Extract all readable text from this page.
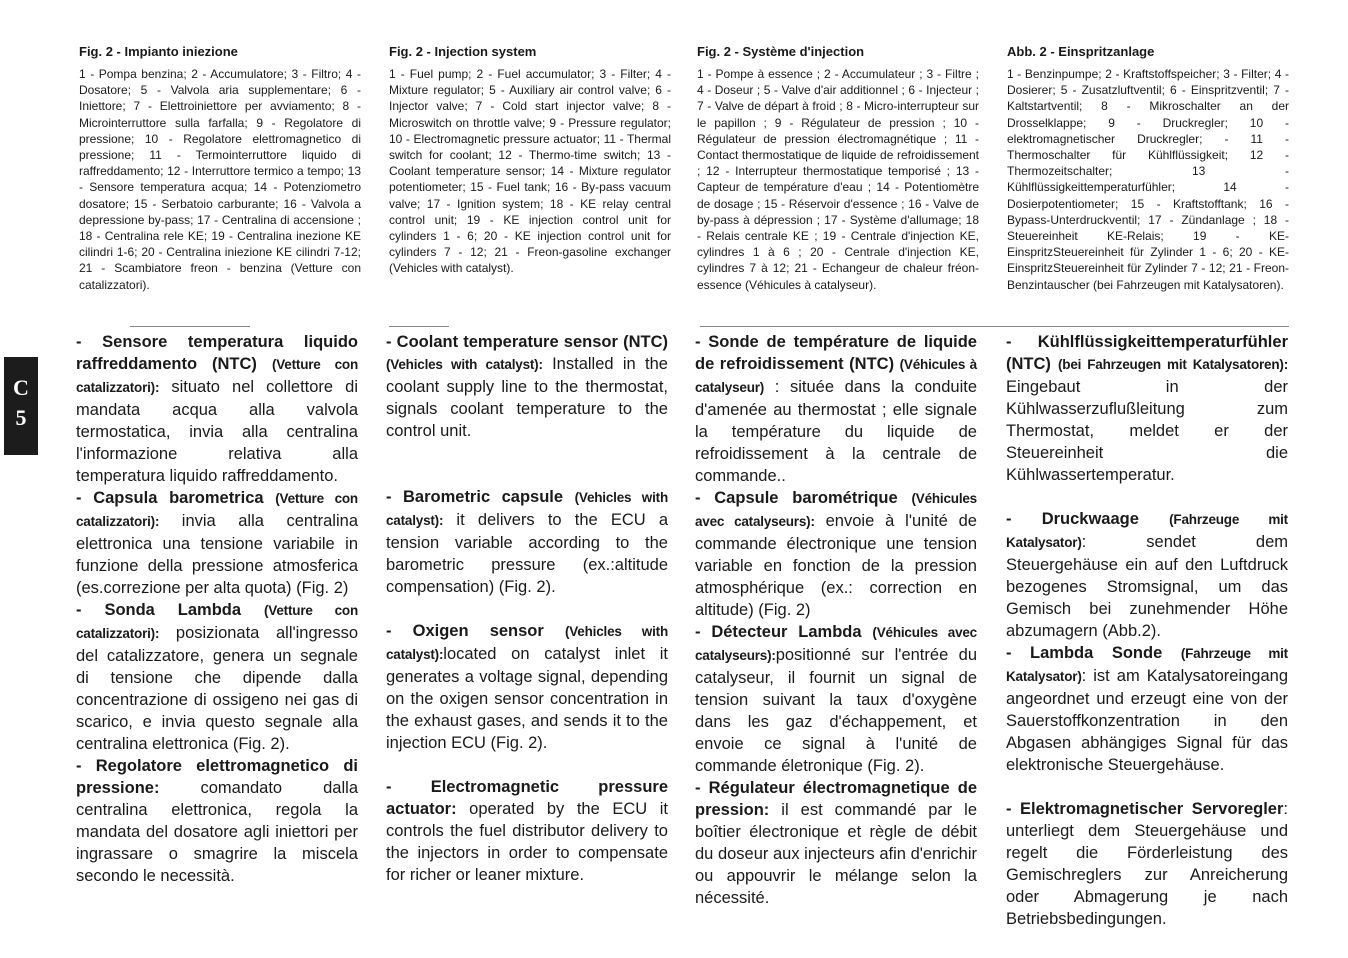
C
5

Fig. 2 - Impianto iniezione

1 - Pompa benzina; 2 - Accumulatore; 3 - Filtro; 4 - Dosatore; 5 - Valvola aria supplementare; 6 - Iniettore; 7 - Elettroiniettore per avviamento; 8 - Microinterruttore sulla farfalla; 9 - Regolatore di pressione; 10 - Regolatore elettromagnetico di pressione; 11 - Termointerruttore liquido di raffreddamento; 12 - Interruttore termico a tempo; 13 - Sensore temperatura acqua; 14 - Potenziometro dosatore; 15 - Serbatoio carburante; 16 - Valvola a depressione by-pass; 17 - Centralina di accensione ; 18 - Centralina rele KE; 19 - Centralina inezione KE cilindri 1-6; 20 - Centralina iniezione KE cilindri 7-12; 21 - Scambiatore freon - benzina (Vetture con catalizzatori).

Fig. 2 - Injection system

1 - Fuel pump; 2 - Fuel accumulator; 3 - Filter; 4 - Mixture regulator; 5 - Auxiliary air control valve; 6 - Injector valve; 7 - Cold start injector valve; 8 - Microswitch on throttle valve; 9 - Pressure regulator; 10 - Electromagnetic pressure actuator; 11 - Thermal switch for coolant; 12 - Thermo-time switch; 13 - Coolant temperature sensor; 14 - Mixture regulator potentiometer; 15 - Fuel tank; 16 - By-pass vacuum valve; 17 - Ignition system; 18 - KE relay central control unit; 19 - KE injection control unit for cylinders 1 - 6; 20 - KE injection control unit for cylinders 7 - 12; 21 - Freon-gasoline exchanger (Vehicles with catalyst).

Fig. 2 - Système d'injection

1 - Pompe à essence ; 2 - Accumulateur ; 3 - Filtre ; 4 - Doseur ; 5 - Valve d'air additionnel ; 6 - Injecteur ; 7 - Valve de départ à froid ; 8 - Micro-interrupteur sur le papillon ; 9 - Régulateur de pression ; 10 - Régulateur de pression électromagnétique ; 11 - Contact thermostatique de liquide de refroidissement ; 12 - Interrupteur thermostatique temporisé ; 13 - Capteur de température d'eau ; 14 - Potentiomètre de dosage ; 15 - Réservoir d'essence ; 16 - Valve de by-pass à dépression ; 17 - Système d'allumage; 18 - Relais centrale KE ; 19 - Centrale d'injection KE, cylindres 1 à 6 ; 20 - Centrale d'injection KE, cylindres 7 à 12; 21 - Echangeur de chaleur fréon-essence (Véhicules à catalyseur).

Abb. 2 - Einspritzanlage

1 - Benzinpumpe; 2 - Kraftstoffspeicher; 3 - Filter; 4 - Dosierer; 5 - Zusatzluftventil; 6 - Einspritzventil; 7 - Kaltstartventil; 8 - Mikroschalter an der Drosselklappe; 9 - Druckregler; 10 - elektromagnetischer Druckregler; - 11 - Thermoschalter für Kühlflüssigkeit; 12 - Thermozeitschalter; 13 - Kühlflüssigkeittemperaturfühler; 14 - Dosierpotentiometer; 15 - Kraftstofftank; 16 - Bypass-Unterdruckventil; 17 - Zündanlage ; 18 - Steuereinheit KE-Relais; 19 - KE-EinspritzSteuereinheit für Zylinder 1 - 6; 20 - KE-EinspritzSteuereinheit für Zylinder 7 - 12; 21 - Freon-Benzintauscher (bei Fahrzeugen mit Katalysatoren).

- Sensore temperatura liquido raffreddamento (NTC) (Vetture con catalizzatori): situato nel collettore di mandata acqua alla valvola termostatica, invia alla centralina l'informazione relativa alla temperatura liquido raffreddamento.

- Capsula barometrica (Vetture con catalizzatori): invia alla centralina elettronica una tensione variabile in funzione della pressione atmosferica (es.correzione per alta quota) (Fig. 2)

- Sonda Lambda (Vetture con catalizzatori): posizionata all'ingresso del catalizzatore, genera un segnale di tensione che dipende dalla concentrazione di ossigeno nei gas di scarico, e invia questo segnale alla centralina elettronica (Fig. 2).

- Regolatore elettromagnetico di pressione: comandato dalla centralina elettronica, regola la mandata del dosatore agli iniettori per ingrassare o smagrire la miscela secondo le necessità.

- Coolant temperature sensor (NTC) (Vehicles with catalyst): Installed in the coolant supply line to the thermostat, signals coolant temperature to the control unit.

- Barometric capsule (Vehicles with catalyst): it delivers to the ECU a tension variable according to the barometric pressure (ex.:altitude compensation) (Fig. 2).

- Oxigen sensor (Vehicles with catalyst):located on catalyst inlet it generates a voltage signal, depending on the oxigen sensor concentration in the exhaust gases, and sends it to the injection ECU (Fig. 2).

- Electromagnetic pressure actuator: operated by the ECU it controls the fuel distributor delivery to the injectors in order to compensate for richer or leaner mixture.

- Sonde de température de liquide de refroidissement (NTC) (Véhicules à catalyseur) : située dans la conduite d'amenée au thermostat ; elle signale la température du liquide de refroidissement à la centrale de commande..

- Capsule barométrique (Véhicules avec catalyseurs): envoie à l'unité de commande électronique une tension variable en fonction de la pression atmosphérique (ex.: correction en altitude) (Fig. 2)

- Détecteur Lambda (Véhicules avec catalyseurs):positionné sur l'entrée du catalyseur, il fournit un signal de tension suivant la taux d'oxygène dans les gaz d'échappement, et envoie ce signal à l'unité de commande életronique (Fig. 2).

- Régulateur électromagnetique de pression: il est commandé par le boîtier électronique et règle de débit du doseur aux injecteurs afin d'enrichir ou appouvrir le mélange selon la nécessité.

- Kühlflüssigkeittemperaturfühler (NTC) (bei Fahrzeugen mit Katalysatoren): Eingebaut in der Kühlwasserzuflußleitung zum Thermostat, meldet er der Steuereinheit die Kühlwassertemperatur.

- Druckwaage (Fahrzeuge mit Katalysator): sendet dem Steuergehäuse ein auf den Luftdruck bezogenes Stromsignal, um das Gemisch bei zunehmender Höhe abzumagern (Abb.2).

- Lambda Sonde (Fahrzeuge mit Katalysator): ist am Katalysatoreingang angeordnet und erzeugt eine von der Sauerstoffkonzentration in den Abgasen abhängiges Signal für das elektronische Steuergehäuse.

- Elektromagnetischer Servoregler: unterliegt dem Steuergehäuse und regelt die Förderleistung des Gemischreglers zur Anreicherung oder Abmagerung je nach Betriebsbedingungen.
